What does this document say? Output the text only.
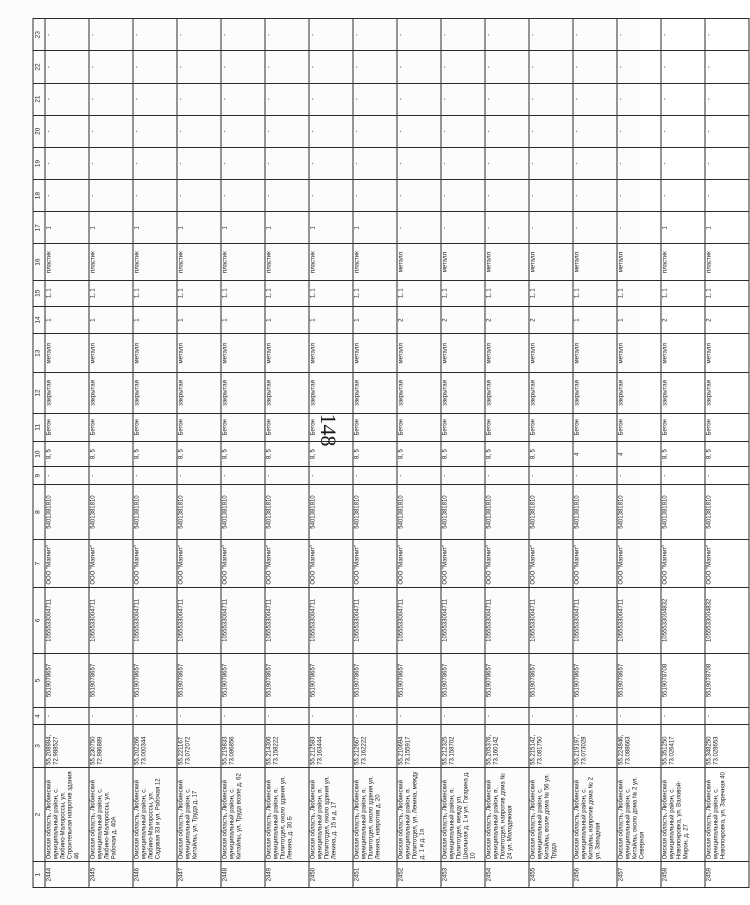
148
1	2	3	4	5	6	7	8	9	10	11	12	13	14	15	16	17	18	19	20	21	22	23
2444	Омская область, Любинский муниципальный район, с. Любино-Малороссы, ул. Строительная напротив здания 46	55.208984, 72.988527	-	5519078657	1055533004711	ООО "Магнит"	5401381810	-	8, 5	Бетон	закрытая	металл	1	1, 1	пластик	1	-	-	-	-	-	-
2445	Омская область, Любинский муниципальный район, с. Любино-Малороссы, ул. Рабочая д. 40А	55.230750 72.986889	-	5519078657	1055533004711	ООО "Магнит"	5401381810	-	8, 5	Бетон	закрытая	металл	1	1, 1	пластик	1	-	-	-	-	-	-
2446	Омская область, Любинский муниципальный район, с. Любино-Малороссы, ул. Садовая 33 и ул. Рабочая 12	55.202266 73.000344	-	5519078657	1055533004711	ООО "Магнит"	5401381810	-	8, 5	Бетон	закрытая	металл	1	1, 1	пластик	1	-	-	-	-	-	-
2447	Омская область, Любинский муниципальный район, с. Китайлы, ул. Труда д. 17	55.221167 73.072072	-	5519078657	1055533004711	ООО "Магнит"	5401381810	-	8, 5	Бетон	закрытая	металл	1	1, 1	пластик	1	-	-	-	-	-	-
2448	Омская область, Любинский муниципальный район, с. Китайлы, ул. Труда возле д. 62	55.219833 73.086856	-	5519078657	1055533004711	ООО "Магнит"	5401381810	-	8, 5	Бетон	закрытая	металл	1	1, 1	пластик	1	-	-	-	-	-	-
2449	Омская область, Любинский муниципальный район, п. Политотдел, около здания ул. Ленина, д. 30 Б	55.214306 73.158222	-	5519078657	1055533004711	ООО "Магнит"	5401381810	-	8, 5	Бетон	закрытая	металл	1	1, 1	пластик	1	-	-	-	-	-	-
2450	Омская область, Любинский муниципальный район, п. Политотдел, около здания ул. Ленина, д. 15 и д. 17	55.212583 73.163444	-	5519078657	1055533004711	ООО "Магнит"	5401381810	-	8, 5	Бетон	закрытая	металл	1	1, 1	пластик	1	-	-	-	-	-	-
2451	Омская область, Любинский муниципальный район, п. Политотдел, около здания ул. Ленина, напротив д. 20	55.212667 73.162222	-	5519078657	1055533004711	ООО "Магнит"	5401381810	-	8, 5	Бетон	закрытая	металл	1	1, 1	пластик	1	-	-	-	-	-	-
2452	Омская область, Любинский муниципальный район, п. Политотдел, ул. Ленина, между д. 1 и д. 1а	55.210694 73.155917	-	5519078657	1055533004711	ООО "Магнит"	5401381810	-	8, 5	Бетон	закрытая	металл	2	1, 1	металл	-	-	-	-	-	-	-
2453	Омская область, Любинский муниципальный район, п. Политотдел, между ул. Школьная д. 1 и ул. Гагарина д. 10	55.212325 73.158702	-	5519078657	1055533004711	ООО "Магнит"	5401381810	-	8, 5	Бетон	закрытая	металл	2	1, 1	металл	-	-	-	-	-	-	-
2454	Омская область, Любинский муниципальный район, п. Политотдел, напротив дома № 24 ул. Молодежная	55.205376, 73.160142	-	5519078657	1055533004711	ООО "Магнит"	5401381810	-	8, 5	Бетон	закрытая	металл	2	1, 1	металл	-	-	-	-	-	-	-
2455	Омская область, Любинский муниципальный район, с. Китайлы, возле дома № 56 ул. Труда	55.215142, 73.081750	-	5519078657	1055533004711	ООО "Магнит"	5401381810	-	8, 5	Бетон	закрытая	металл	2	1, 1	металл	-	-	-	-	-	-	-
2456	Омская область, Любинский муниципальный район, с. Китайлы, напротив дома № 2 ул. Западная	55.219197, 73.073028	-	5519078657	1055533004711	ООО "Магнит"	5401381810	-	4	Бетон	закрытая	металл	1	1, 1	металл	-	-	-	-	-	-	-
2457	Омская область, Любинский муниципальный район, с. Китайлы, около дома № 2 ул. Северная	55.224846, 73.088663	-	5519078657	1055533004711	ООО "Магнит"	5401381810	-	4	Бетон	закрытая	металл	1	1, 1	металл	-	-	-	-	-	-	-
2458	Омская область, Любинский муниципальный район, с. Новопокровка, ул. Валовой-Мирон, д. 27	55.351250 73.026417	-	5519078708	1055533004832	ООО "Магнит"	5401381810	-	8, 5	Бетон	закрытая	металл	2	1, 1	пластик	1	-	-	-	-	-	-
2459	Омская область, Любинский муниципальный район, с. Новопокровка, ул. Заречная 40	55.348250 73.028653	-	5519078708	1055533004832	ООО "Магнит"	5401381810	-	8, 5	Бетон	закрытая	металл	2	1, 1	пластик	1	-	-	-	-	-	-
